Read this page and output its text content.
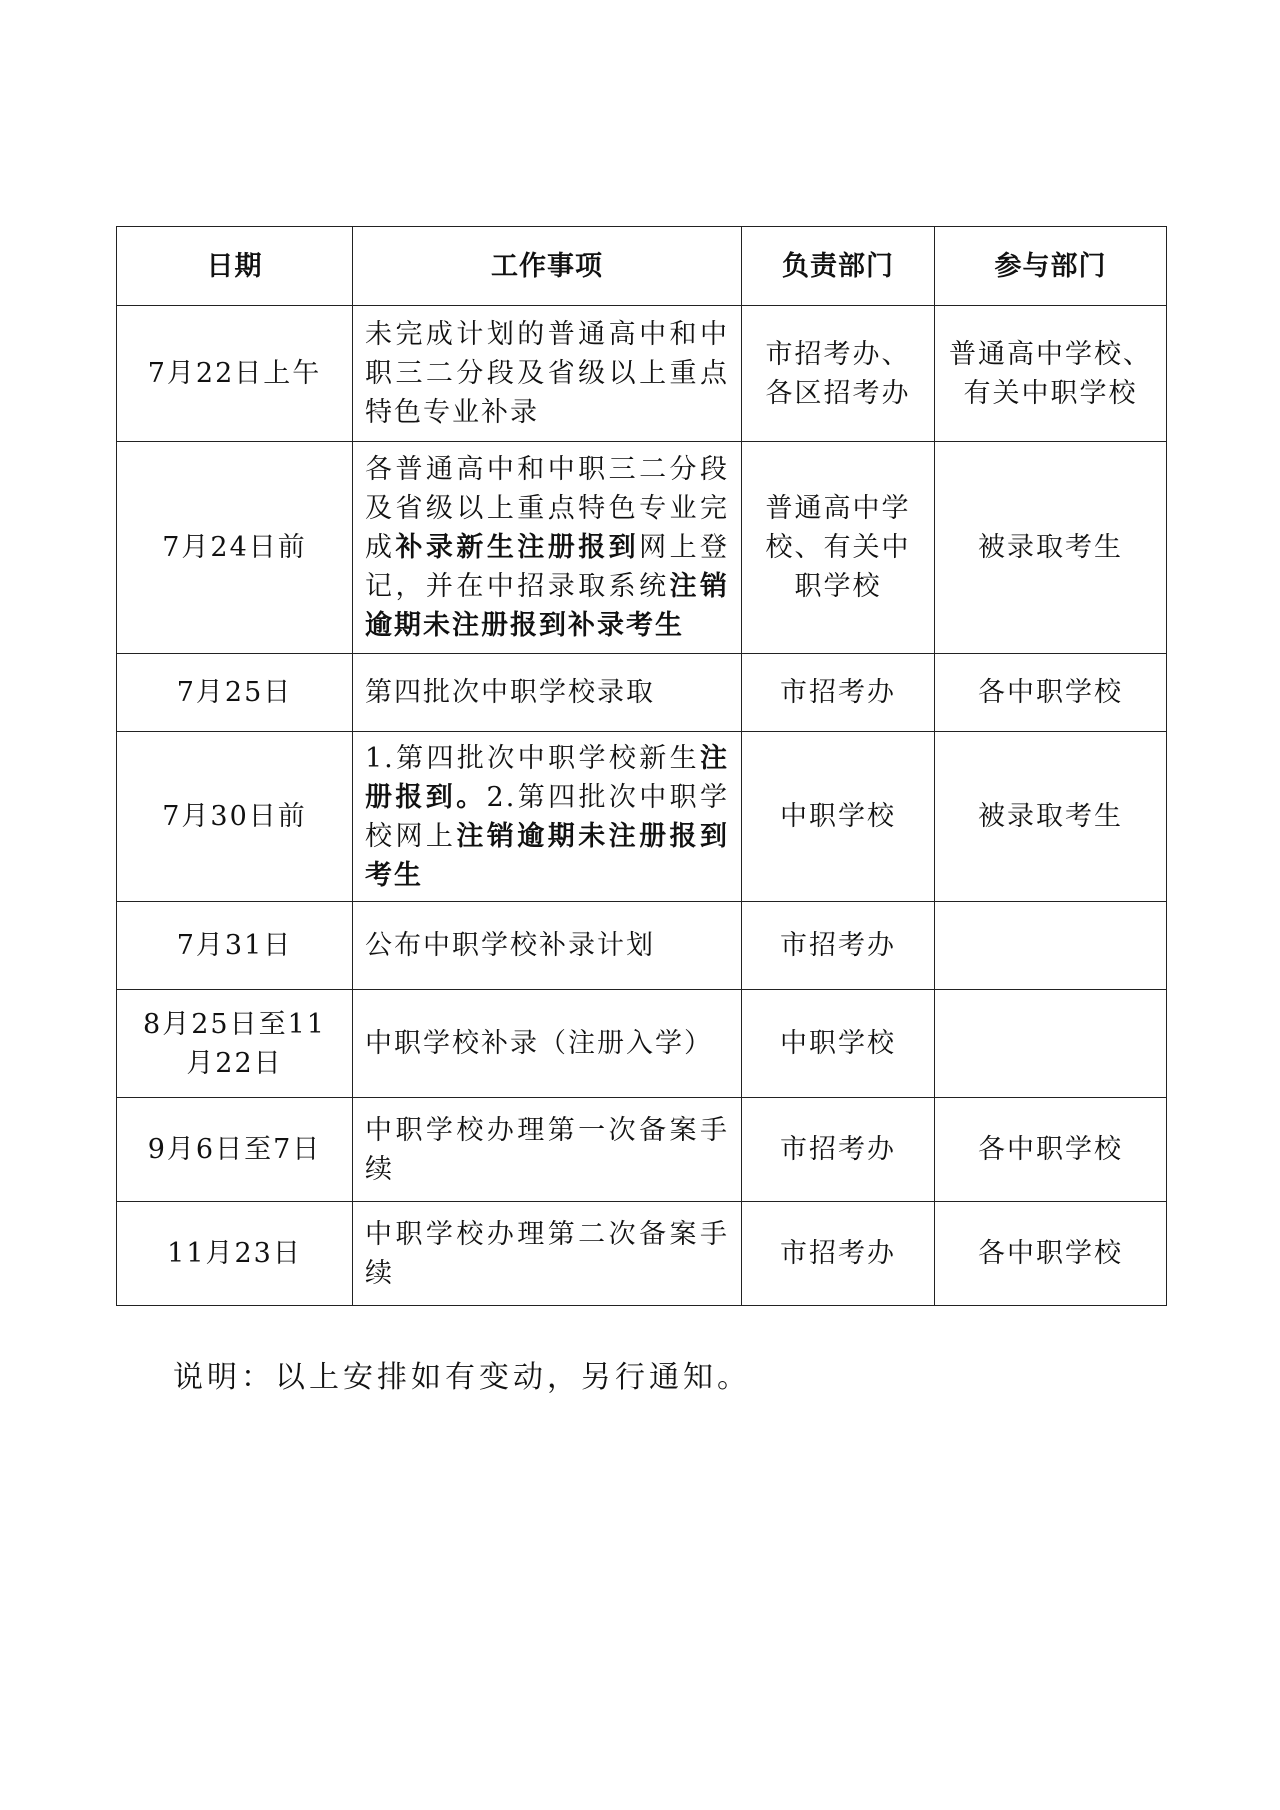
日期	工作事项	负责部门	参与部门
7月22日上午	未完成计划的普通高中和中职三二分段及省级以上重点特色专业补录	市招考办、各区招考办	普通高中学校、有关中职学校
7月24日前	各普通高中和中职三二分段及省级以上重点特色专业完成补录新生注册报到网上登记，并在中招录取系统注销逾期未注册报到补录考生	普通高中学校、有关中职学校	被录取考生
7月25日	第四批次中职学校录取	市招考办	各中职学校
7月30日前	1.第四批次中职学校新生注册报到。2.第四批次中职学校网上注销逾期未注册报到考生	中职学校	被录取考生
7月31日	公布中职学校补录计划	市招考办	
8月25日至11月22日	中职学校补录（注册入学）	中职学校	
9月6日至7日	中职学校办理第一次备案手续	市招考办	各中职学校
11月23日	中职学校办理第二次备案手续	市招考办	各中职学校
说明：以上安排如有变动，另行通知。
